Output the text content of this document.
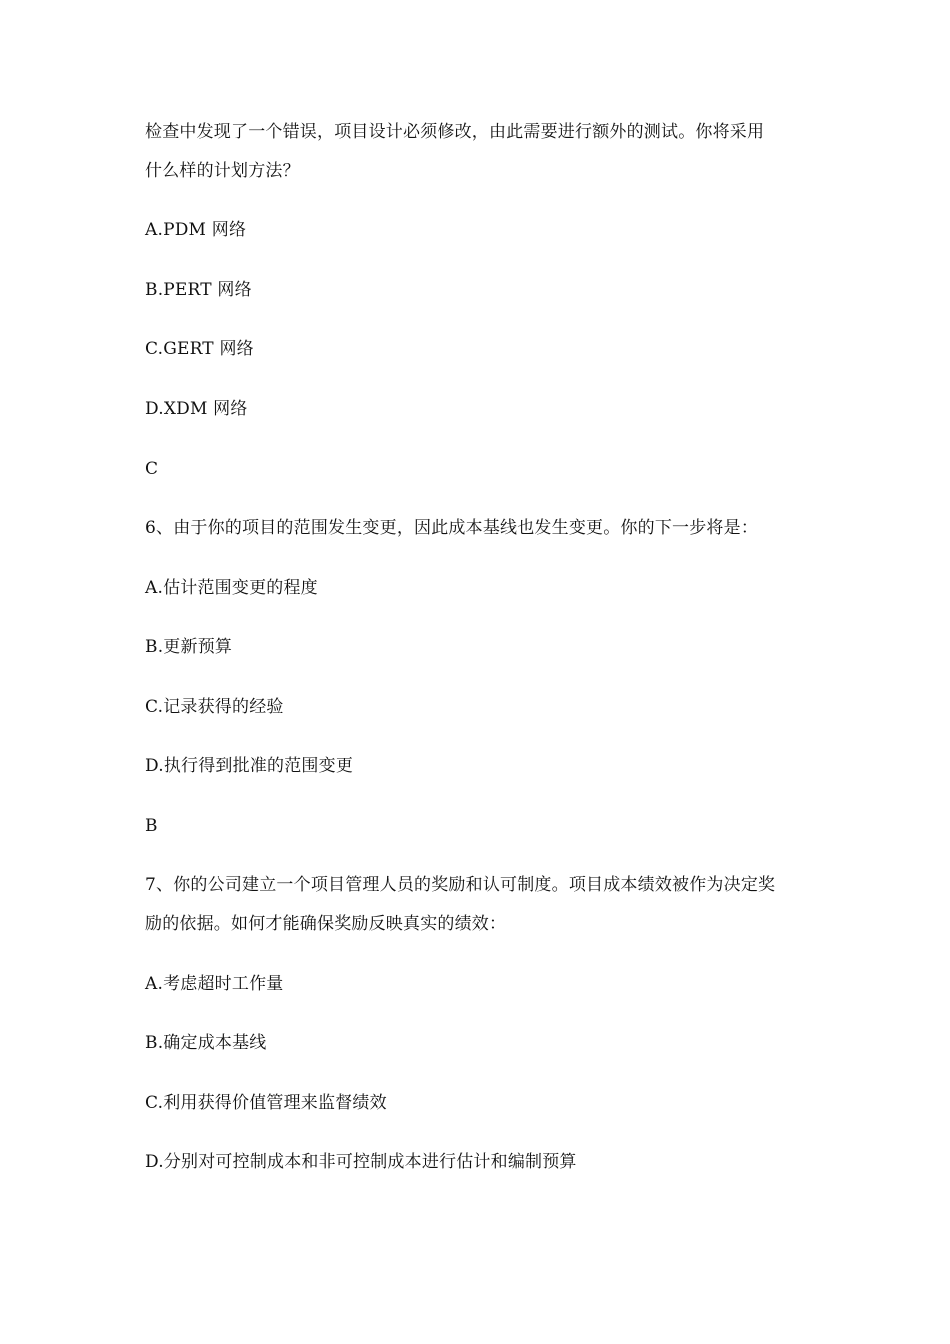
检查中发现了一个错误，项目设计必须修改，由此需要进行额外的测试。你将采用
什么样的计划方法？
A.PDM 网络
B.PERT 网络
C.GERT 网络
D.XDM 网络
C
6、由于你的项目的范围发生变更，因此成本基线也发生变更。你的下一步将是：
A.估计范围变更的程度
B.更新预算
C.记录获得的经验
D.执行得到批准的范围变更
B
7、你的公司建立一个项目管理人员的奖励和认可制度。项目成本绩效被作为决定奖
励的依据。如何才能确保奖励反映真实的绩效：
A.考虑超时工作量
B.确定成本基线
C.利用获得价值管理来监督绩效
D.分别对可控制成本和非可控制成本进行估计和编制预算
